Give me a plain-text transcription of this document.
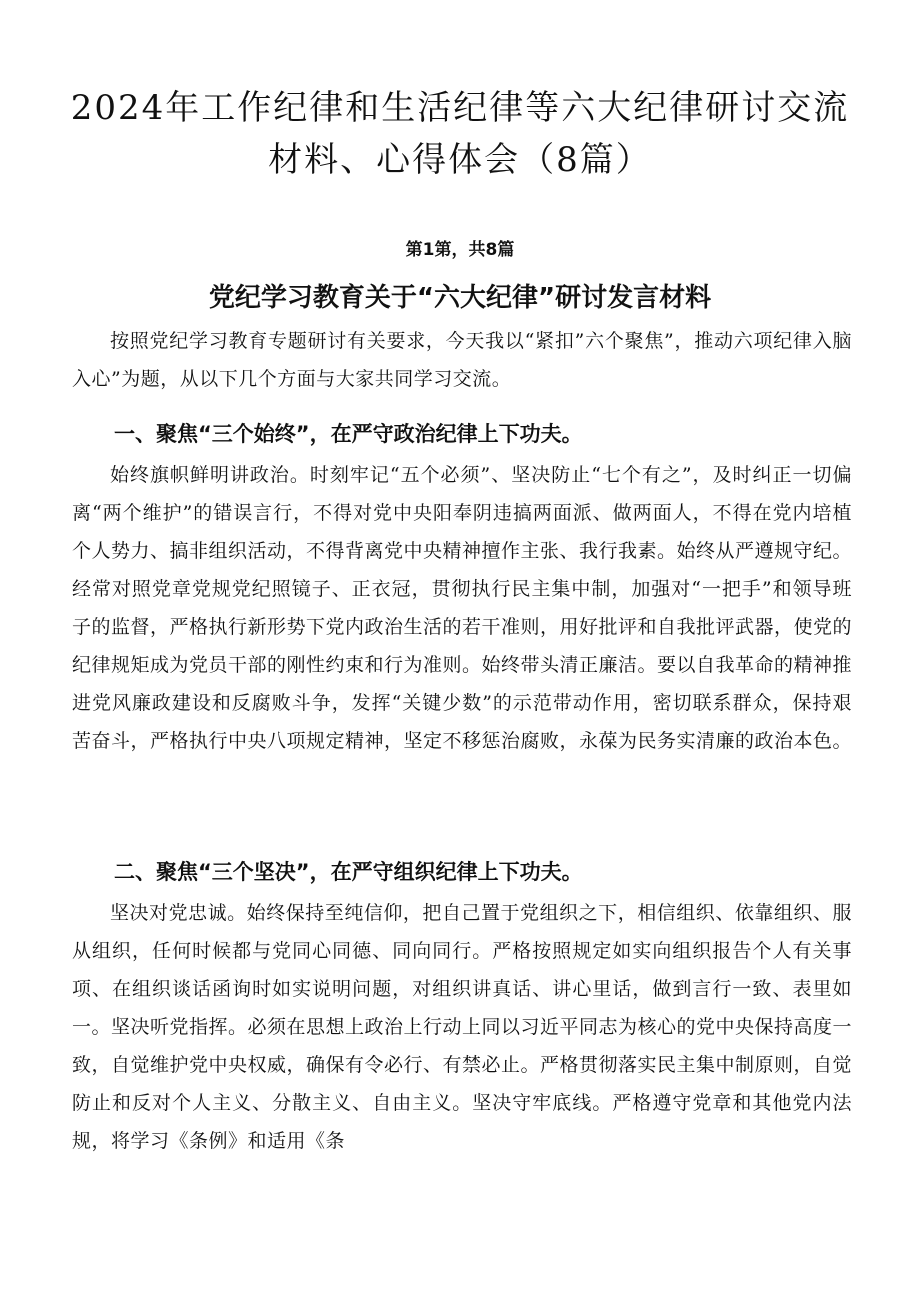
2024年工作纪律和生活纪律等六大纪律研讨交流材料、心得体会（8篇）
第1第，共8篇
党纪学习教育关于“六大纪律”研讨发言材料

按照党纪学习教育专题研讨有关要求，今天我以“紧扣”六个聚焦”，推动六项纪律入脑入心”为题，从以下几个方面与大家共同学习交流。

一、聚焦“三个始终”，在严守政治纪律上下功夫。

始终旗帜鲜明讲政治。时刻牢记“五个必须”、坚决防止“七个有之”，及时纠正一切偏离“两个维护”的错误言行，不得对党中央阳奉阴违搞两面派、做两面人，不得在党内培植个人势力、搞非组织活动，不得背离党中央精神擅作主张、我行我素。始终从严遵规守纪。经常对照党章党规党纪照镜子、正衣冠，贯彻执行民主集中制，加强对“一把手”和领导班子的监督，严格执行新形势下党内政治生活的若干准则，用好批评和自我批评武器，使党的纪律规矩成为党员干部的刚性约束和行为准则。始终带头清正廉洁。要以自我革命的精神推进党风廉政建设和反腐败斗争，发挥“关键少数”的示范带动作用，密切联系群众，保持艰苦奋斗，严格执行中央八项规定精神，坚定不移惩治腐败，永葆为民务实清廉的政治本色。

二、聚焦“三个坚决”，在严守组织纪律上下功夫。

坚决对党忠诚。始终保持至纯信仰，把自己置于党组织之下，相信组织、依靠组织、服从组织，任何时候都与党同心同德、同向同行。严格按照规定如实向组织报告个人有关事项、在组织谈话函询时如实说明问题，对组织讲真话、讲心里话，做到言行一致、表里如一。坚决听党指挥。必须在思想上政治上行动上同以习近平同志为核心的党中央保持高度一致，自觉维护党中央权威，确保有令必行、有禁必止。严格贯彻落实民主集中制原则，自觉防止和反对个人主义、分散主义、自由主义。坚决守牢底线。严格遵守党章和其他党内法规，将学习《条例》和适用《条
